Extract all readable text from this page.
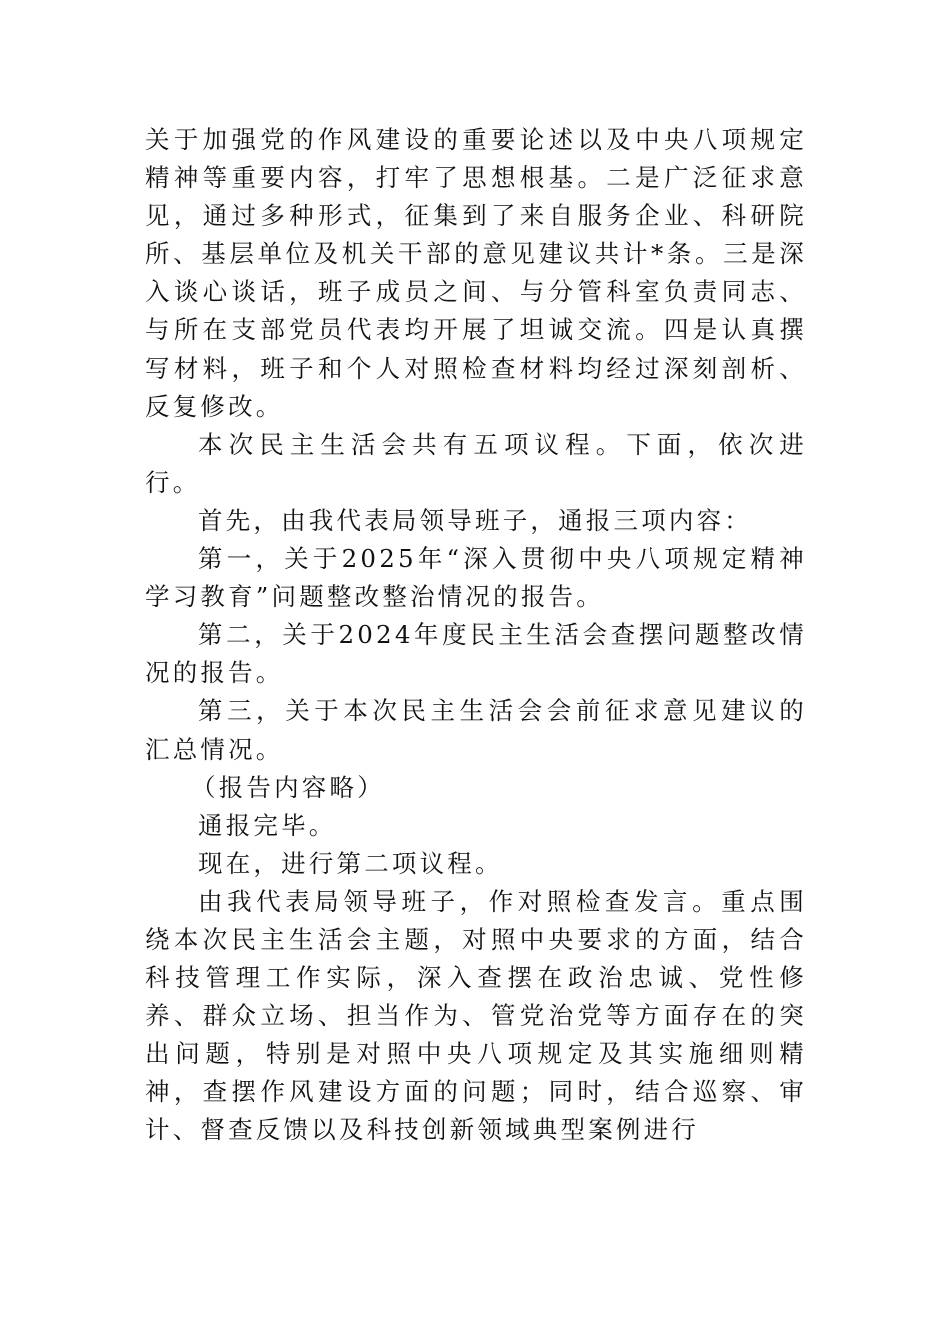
关于加强党的作风建设的重要论述以及中央八项规定精神等重要内容，打牢了思想根基。二是广泛征求意见，通过多种形式，征集到了来自服务企业、科研院所、基层单位及机关干部的意见建议共计*条。三是深入谈心谈话，班子成员之间、与分管科室负责同志、与所在支部党员代表均开展了坦诚交流。四是认真撰写材料，班子和个人对照检查材料均经过深刻剖析、反复修改。

本次民主生活会共有五项议程。下面，依次进行。

首先，由我代表局领导班子，通报三项内容：

第一，关于2025年“深入贯彻中央八项规定精神学习教育”问题整改整治情况的报告。

第二，关于2024年度民主生活会查摆问题整改情况的报告。

第三，关于本次民主生活会会前征求意见建议的汇总情况。

（报告内容略）

通报完毕。

现在，进行第二项议程。

由我代表局领导班子，作对照检查发言。重点围绕本次民主生活会主题，对照中央要求的方面，结合科技管理工作实际，深入查摆在政治忠诚、党性修养、群众立场、担当作为、管党治党等方面存在的突出问题，特别是对照中央八项规定及其实施细则精神，查摆作风建设方面的问题；同时，结合巡察、审计、督查反馈以及科技创新领域典型案例进行
